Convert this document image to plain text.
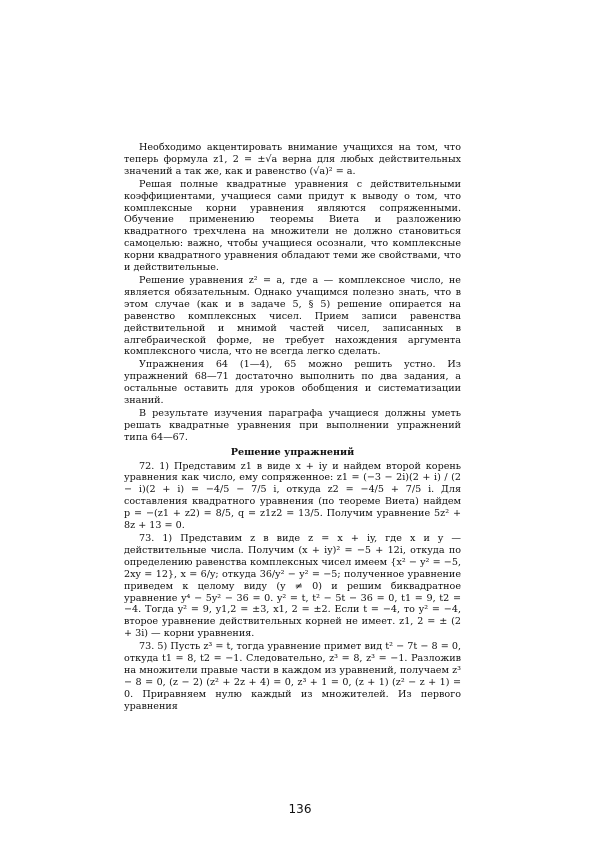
Необходимо акцентировать внимание учащихся на том, что теперь формула z1, 2 = ±√a верна для любых действительных значений a так же, как и равенство (√a)² = a.

Решая полные квадратные уравнения с действительными коэффициентами, учащиеся сами придут к выводу о том, что комплексные корни уравнения являются сопряженными. Обучение применению теоремы Виета и разложению квадратного трехчлена на множители не должно становиться самоцелью: важно, чтобы учащиеся осознали, что комплексные корни квадратного уравнения обладают теми же свойствами, что и действительные.

Решение уравнения z² = a, где a — комплексное число, не является обязательным. Однако учащимся полезно знать, что в этом случае (как и в задаче 5, § 5) решение опирается на равенство комплексных чисел. Прием записи равенства действительной и мнимой частей чисел, записанных в алгебраической форме, не требует нахождения аргумента комплексного числа, что не всегда легко сделать.

Упражнения 64 (1—4), 65 можно решить устно. Из упражнений 68—71 достаточно выполнить по два задания, а остальные оставить для уроков обобщения и систематизации знаний.

В результате изучения параграфа учащиеся должны уметь решать квадратные уравнения при выполнении упражнений типа 64—67.

Решение упражнений

72. 1) Представим z1 в виде x + iy и найдем второй корень уравнения как число, ему сопряженное: z1 = (−3 − 2i)(2 + i) / (2 − i)(2 + i) = −4/5 − 7/5 i, откуда z2 = −4/5 + 7/5 i. Для составления квадратного уравнения (по теореме Виета) найдем p = −(z1 + z2) = 8/5, q = z1z2 = 13/5. Получим уравнение 5z² + 8z + 13 = 0.

73. 1) Представим z в виде z = x + iy, где x и y — действительные числа. Получим (x + iy)² = −5 + 12i, откуда по определению равенства комплексных чисел имеем {x² − y² = −5, 2xy = 12}, x = 6/y; откуда 36/y² − y² = −5; полученное уравнение приведем к целому виду (y ≠ 0) и решим биквадратное уравнение y⁴ − 5y² − 36 = 0. y² = t, t² − 5t − 36 = 0, t1 = 9, t2 = −4. Тогда y² = 9, y1,2 = ±3, x1, 2 = ±2. Если t = −4, то y² = −4, второе уравнение действительных корней не имеет. z1, 2 = ± (2 + 3i) — корни уравнения.

73. 5) Пусть z³ = t, тогда уравнение примет вид t² − 7t − 8 = 0, откуда t1 = 8, t2 = −1. Следовательно, z³ = 8, z³ = −1. Разложив на множители правые части в каждом из уравнений, получаем z³ − 8 = 0, (z − 2) (z² + 2z + 4) = 0, z³ + 1 = 0, (z + 1) (z² − z + 1) = 0. Приравняем нулю каждый из множителей. Из первого уравнения

136
